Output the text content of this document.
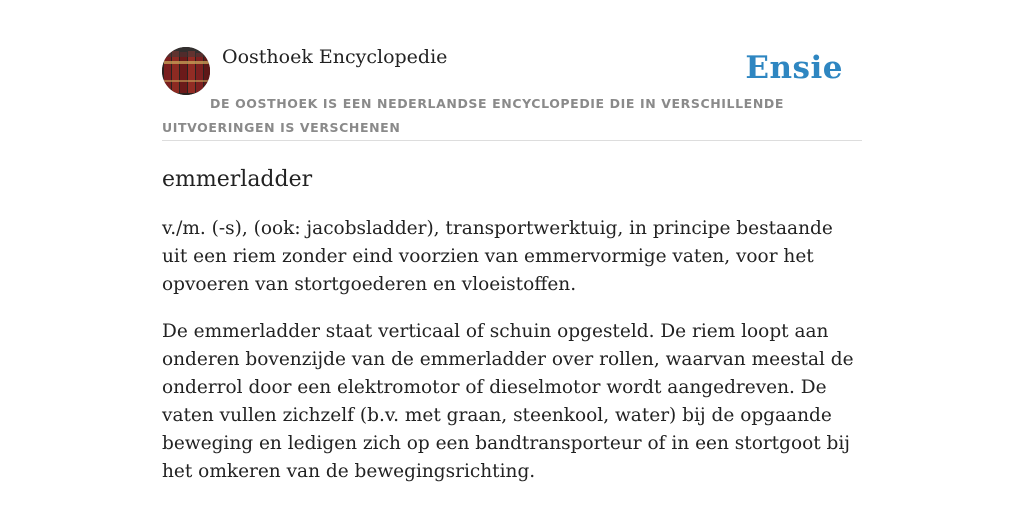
Oosthoek Encyclopedie	Ensie
DE OOSTHOEK IS EEN NEDERLANDSE ENCYCLOPEDIE DIE IN VERSCHILLENDE UITVOERINGEN IS VERSCHENEN
emmerladder

v./m. (-s), (ook: jacobsladder), transportwerktuig, in principe bestaande uit een riem zonder eind voorzien van emmervormige vaten, voor het opvoeren van stortgoederen en vloeistoffen.

De emmerladder staat verticaal of schuin opgesteld. De riem loopt aan onderen bovenzijde van de emmerladder over rollen, waarvan meestal de onderrol door een elektromotor of dieselmotor wordt aangedreven. De vaten vullen zichzelf (b.v. met graan, steenkool, water) bij de opgaande beweging en ledigen zich op een bandtransporteur of in een stortgoot bij het omkeren van de bewegingsrichting.
